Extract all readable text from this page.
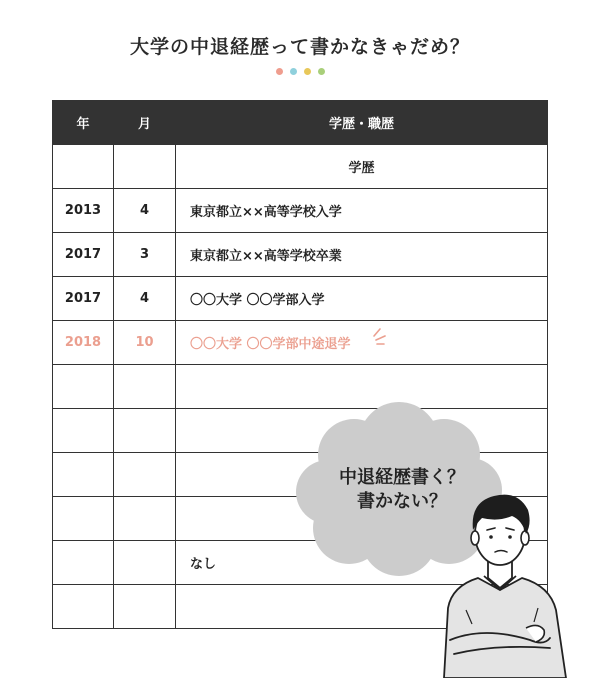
大学の中退経歴って書かなきゃだめ？
年	月	学歴・職歴
		学歴
2013	4	東京都立××高等学校入学
2017	3	東京都立××高等学校卒業
2017	4	〇〇大学 〇〇学部入学
2018	10	〇〇大学 〇〇学部中途退学

		なし

中退経歴書く？
書かない？
